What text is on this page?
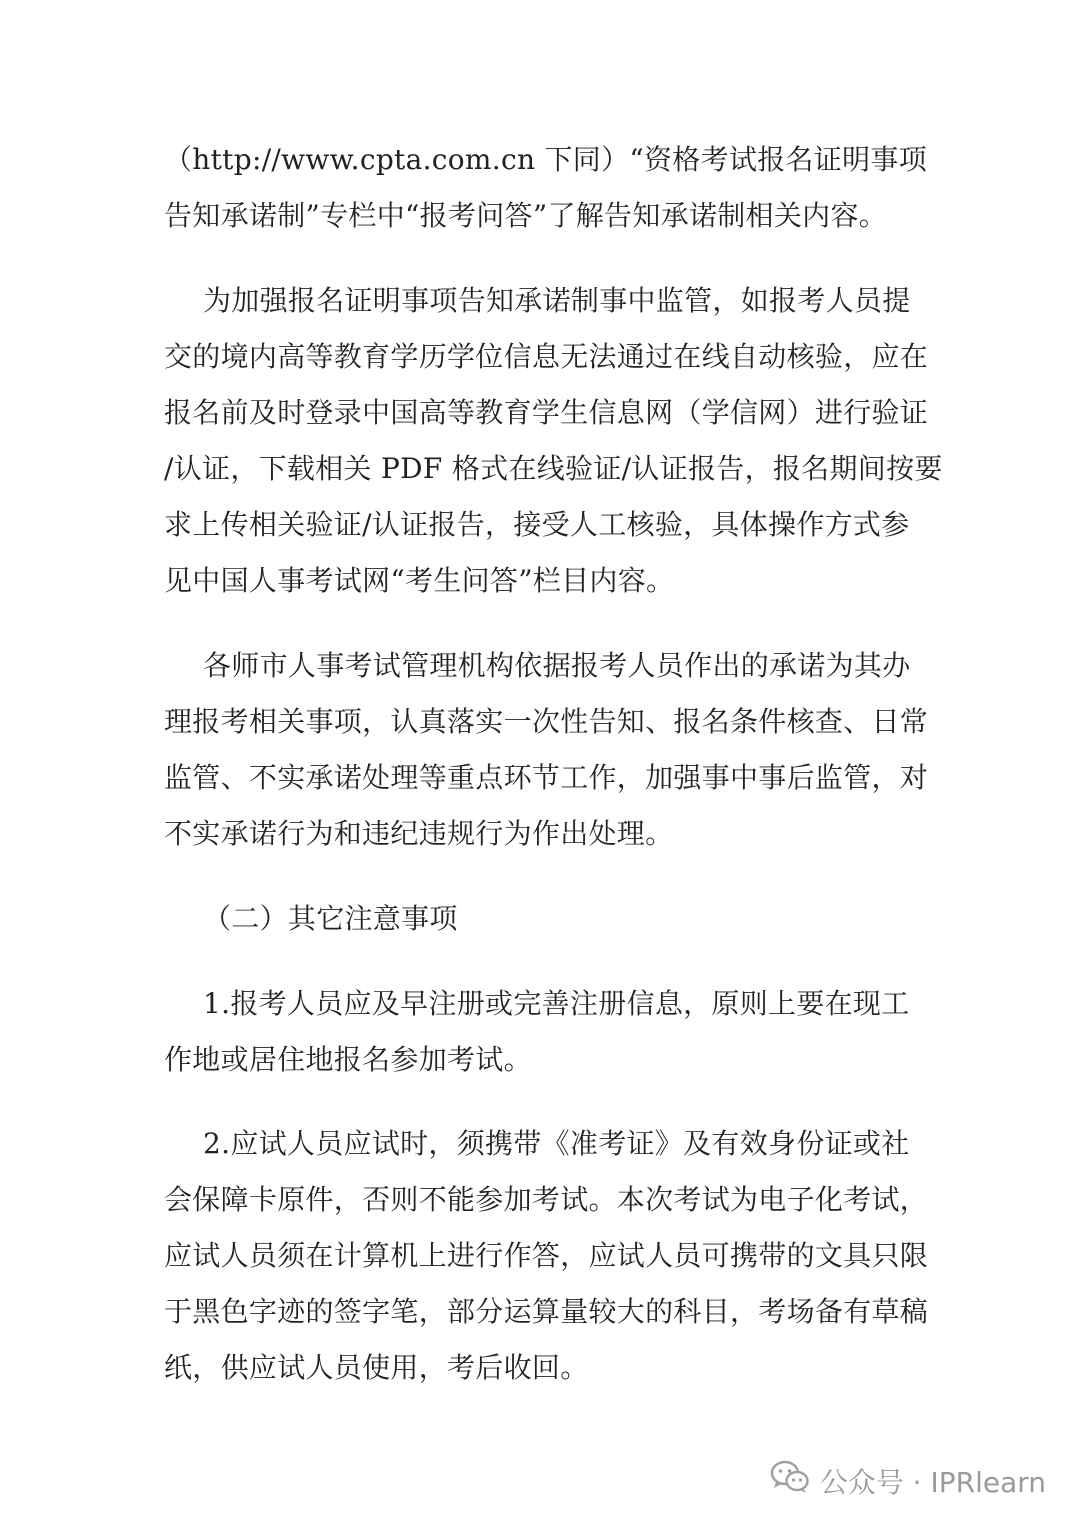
（http://www.cpta.com.cn 下同）“资格考试报名证明事项
告知承诺制”专栏中“报考问答”了解告知承诺制相关内容。
为加强报名证明事项告知承诺制事中监管，如报考人员提
交的境内高等教育学历学位信息无法通过在线自动核验，应在
报名前及时登录中国高等教育学生信息网（学信网）进行验证
/认证，下载相关 PDF 格式在线验证/认证报告，报名期间按要
求上传相关验证/认证报告，接受人工核验，具体操作方式参
见中国人事考试网“考生问答”栏目内容。
各师市人事考试管理机构依据报考人员作出的承诺为其办
理报考相关事项，认真落实一次性告知、报名条件核查、日常
监管、不实承诺处理等重点环节工作，加强事中事后监管，对
不实承诺行为和违纪违规行为作出处理。
（二）其它注意事项
1.报考人员应及早注册或完善注册信息，原则上要在现工
作地或居住地报名参加考试。
2.应试人员应试时，须携带《准考证》及有效身份证或社
会保障卡原件，否则不能参加考试。本次考试为电子化考试，
应试人员须在计算机上进行作答，应试人员可携带的文具只限
于黑色字迹的签字笔，部分运算量较大的科目，考场备有草稿
纸，供应试人员使用，考后收回。
公众号 · IPRlearn
